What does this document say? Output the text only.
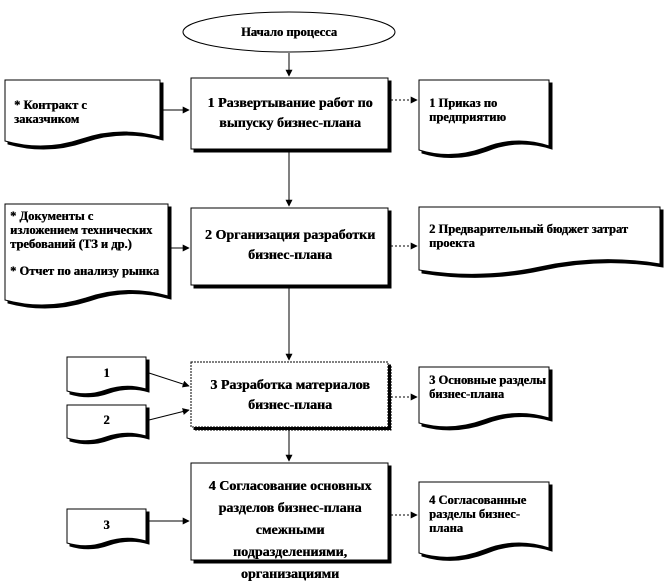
Начало процесса
1 Развертывание работ по выпуску бизнес-плана
2 Организация разработки бизнес-плана
3 Разработка материалов бизнес-плана
4 Согласование основных разделов бизнес-плана смежными подразделениями, организациями
* Контракт с заказчиком
* Документы с изложением технических требований (ТЗ и др.)
* Отчет по анализу рынка
1
2
3
1 Приказ по предприятию
2 Предварительный бюджет затрат проекта
3 Основные разделы бизнес-плана
4 Согласованные разделы бизнес-плана
